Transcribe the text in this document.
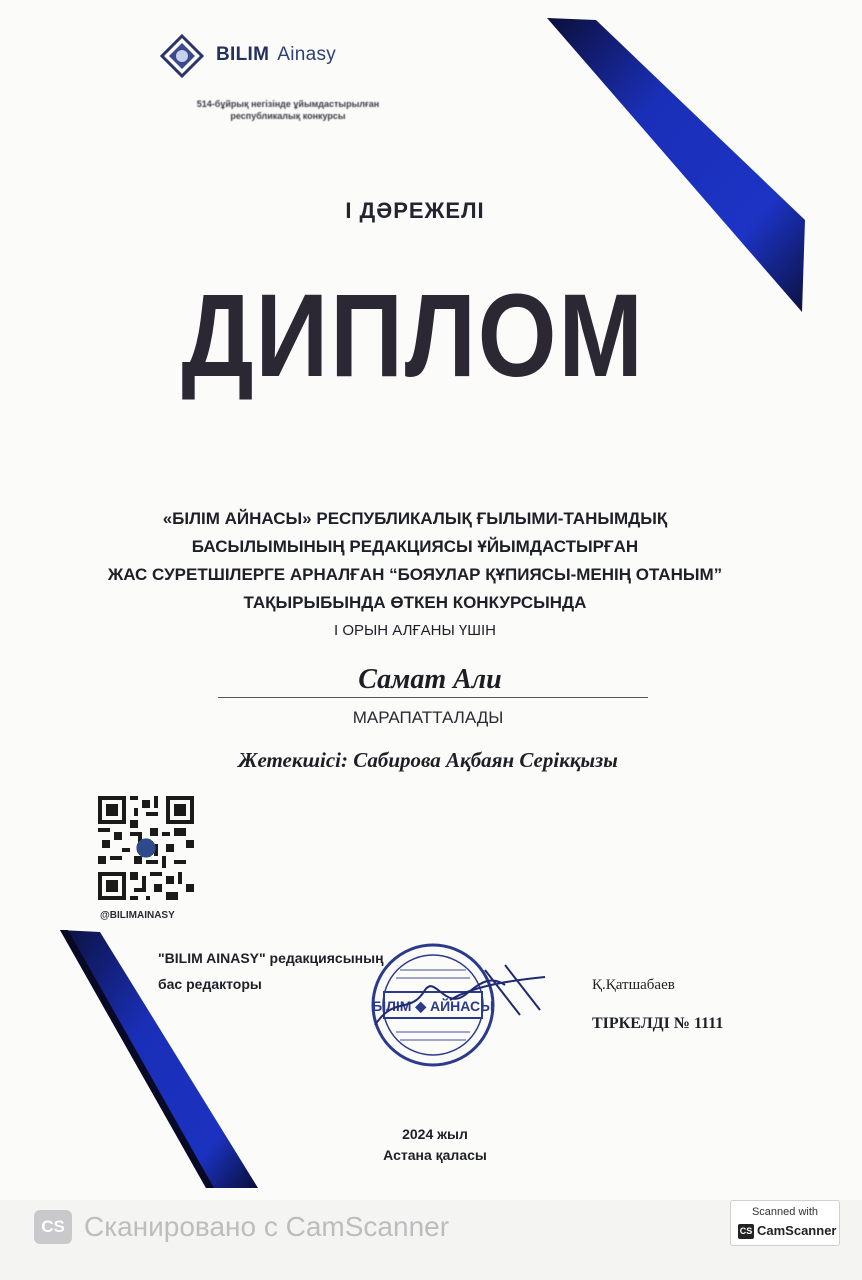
BILIM Ainasy
514-бұйрық негізінде ұйымдастырылған
республикалық конкурсы
І ДӘРЕЖЕЛІ
ДИПЛОМ
«БІЛІМ АЙНАСЫ» РЕСПУБЛИКАЛЫҚ ҒЫЛЫМИ-ТАНЫМДЫҚ
БАСЫЛЫМЫНЫҢ РЕДАКЦИЯСЫ ҰЙЫМДАСТЫРҒАН
ЖАС СУРЕТШІЛЕРГЕ АРНАЛҒАН “БОЯУЛАР ҚҰПИЯСЫ-МЕНІҢ ОТАНЫМ”
ТАҚЫРЫБЫНДА ӨТКЕН КОНКУРСЫНДА
І ОРЫН АЛҒАНЫ ҮШІН
Самат Али
МАРАПАТТАЛАДЫ
Жетекшісі: Сабирова Ақбаян Серікқызы
@BILIMAINASY
"BILIM AINASY" редакциясының
бас редакторы
БІЛІМ ◆ АЙНАСЫ
Қ.Қатшабаев
ТІРКЕЛДІ № 1111
2024 жыл
Астана қаласы
CS Сканировано с CamScanner	Scanned with
CS CamScanner
